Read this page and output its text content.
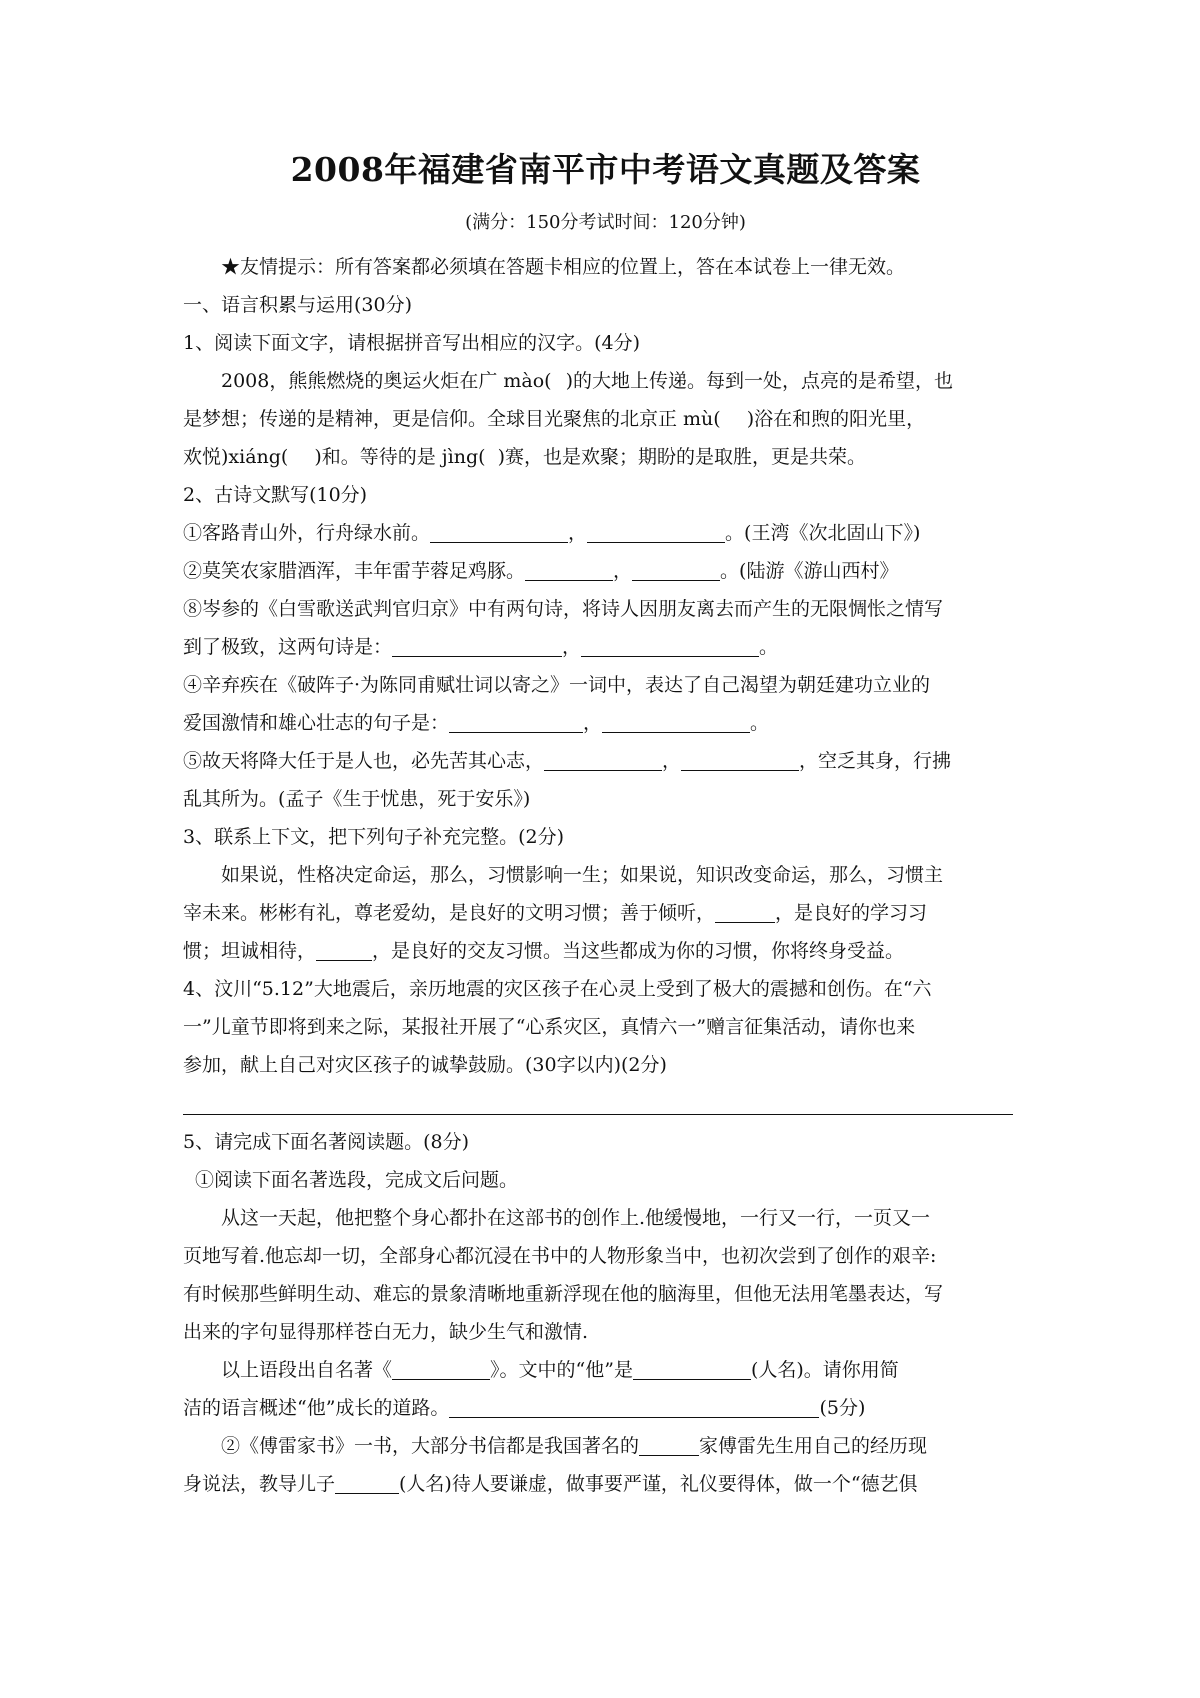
2008年福建省南平市中考语文真题及答案
(满分：150分考试时间：120分钟)

★友情提示：所有答案都必须填在答题卡相应的位置上，答在本试卷上一律无效。

一、语言积累与运用(30分)

1、阅读下面文字，请根据拼音写出相应的汉字。(4分)

2008，熊熊燃烧的奥运火炬在广 mào( )的大地上传递。每到一处，点亮的是希望，也

是梦想；传递的是精神，更是信仰。全球目光聚焦的北京正 mù( )浴在和煦的阳光里，

欢悦)xiáng( )和。等待的是 jìng( )赛，也是欢聚；期盼的是取胜，更是共荣。

2、古诗文默写(10分)

①客路青山外，行舟绿水前。	，	。(王湾《次北固山下》)

②莫笑农家腊酒浑，丰年雷芋蓉足鸡豚。	，	。(陆游《游山西村》

⑧岑参的《白雪歌送武判官归京》中有两句诗，将诗人因朋友离去而产生的无限惆怅之情写

到了极致，这两句诗是：	，	。

④辛弃疾在《破阵子·为陈同甫赋壮词以寄之》一词中，表达了自己渴望为朝廷建功立业的

爱国激情和雄心壮志的句子是：	，	。

⑤故天将降大任于是人也，必先苦其心志，	，	，空乏其身，行拂

乱其所为。(孟子《生于忧患，死于安乐》)

3、联系上下文，把下列句子补充完整。(2分)

如果说，性格决定命运，那么，习惯影响一生；如果说，知识改变命运，那么，习惯主

宰未来。彬彬有礼，尊老爱幼，是良好的文明习惯；善于倾听，	，是良好的学习习

惯；坦诚相待，	，是良好的交友习惯。当这些都成为你的习惯，你将终身受益。

4、汶川“5.12”大地震后，亲历地震的灾区孩子在心灵上受到了极大的震撼和创伤。在“六

一”儿童节即将到来之际，某报社开展了“心系灾区，真情六一”赠言征集活动，请你也来

参加，献上自己对灾区孩子的诚挚鼓励。(30字以内)(2分)

5、请完成下面名著阅读题。(8分)

①阅读下面名著选段，完成文后问题。

从这一天起，他把整个身心都扑在这部书的创作上.他缓慢地，一行又一行，一页又一

页地写着.他忘却一切，全部身心都沉浸在书中的人物形象当中，也初次尝到了创作的艰辛:

有时候那些鲜明生动、难忘的景象清晰地重新浮现在他的脑海里，但他无法用笔墨表达，写

出来的字句显得那样苍白无力，缺少生气和激情.

以上语段出自名著《	》。文中的“他”是	(人名)。请你用简

洁的语言概述“他”成长的道路。	(5分)

②《傅雷家书》一书，大部分书信都是我国著名的	家傅雷先生用自己的经历现

身说法，教导儿子	(人名)待人要谦虚，做事要严谨，礼仪要得体，做一个“德艺俱
